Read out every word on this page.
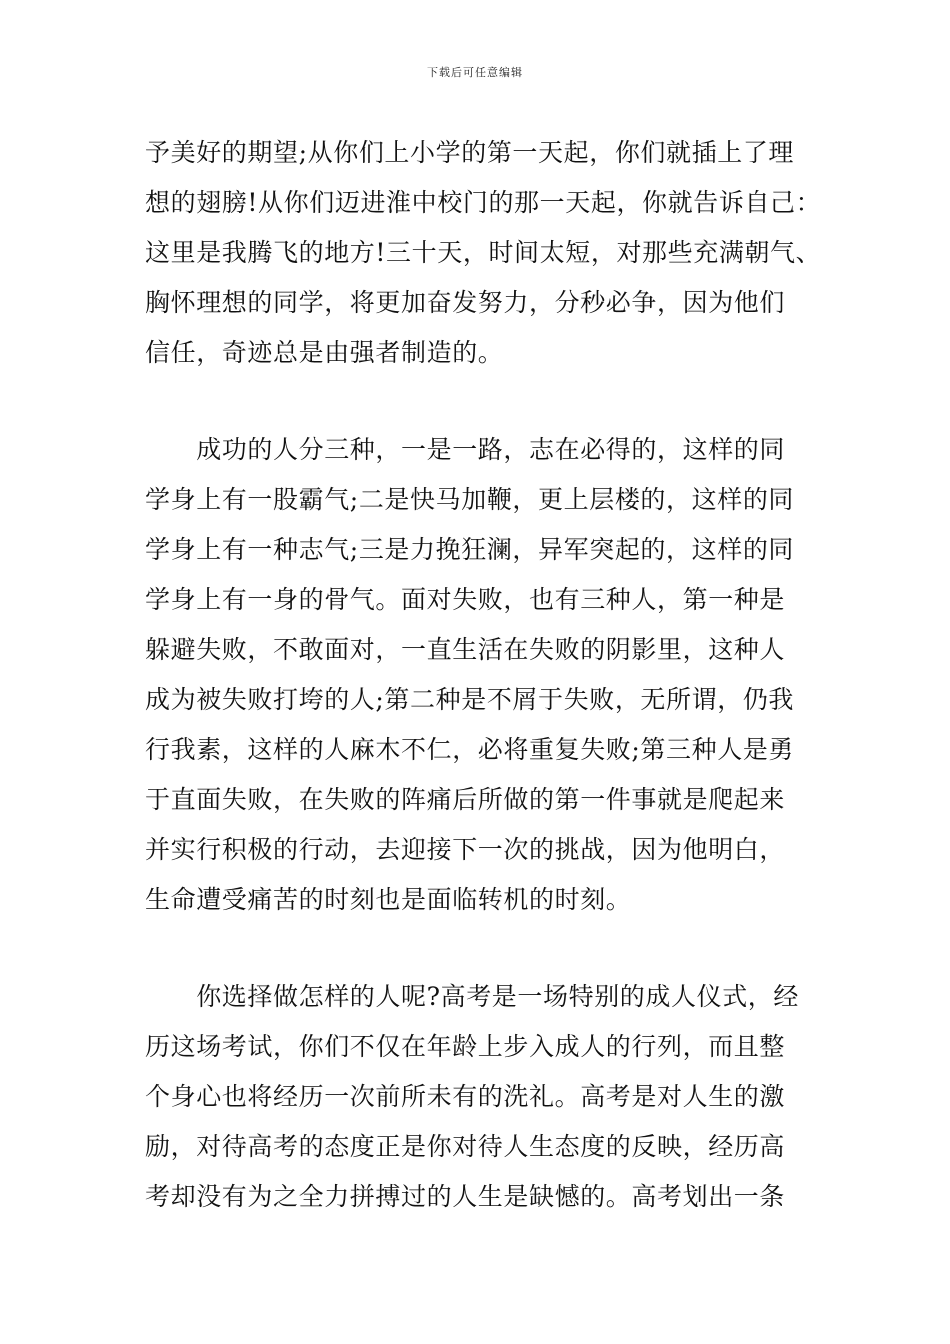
下载后可任意编辑
予美好的期望;从你们上小学的第一天起，你们就插上了理
想的翅膀!从你们迈进淮中校门的那一天起，你就告诉自己：
这里是我腾飞的地方!三十天，时间太短，对那些充满朝气、
胸怀理想的同学，将更加奋发努力，分秒必争，因为他们
信任，奇迹总是由强者制造的。
　　成功的人分三种，一是一路，志在必得的，这样的同
学身上有一股霸气;二是快马加鞭，更上层楼的，这样的同
学身上有一种志气;三是力挽狂澜，异军突起的，这样的同
学身上有一身的骨气。面对失败，也有三种人，第一种是
躲避失败，不敢面对，一直生活在失败的阴影里，这种人
成为被失败打垮的人;第二种是不屑于失败，无所谓，仍我
行我素，这样的人麻木不仁，必将重复失败;第三种人是勇
于直面失败，在失败的阵痛后所做的第一件事就是爬起来
并实行积极的行动，去迎接下一次的挑战，因为他明白，
生命遭受痛苦的时刻也是面临转机的时刻。
　　你选择做怎样的人呢?高考是一场特别的成人仪式，经
历这场考试，你们不仅在年龄上步入成人的行列，而且整
个身心也将经历一次前所未有的洗礼。高考是对人生的激
励，对待高考的态度正是你对待人生态度的反映，经历高
考却没有为之全力拼搏过的人生是缺憾的。高考划出一条
